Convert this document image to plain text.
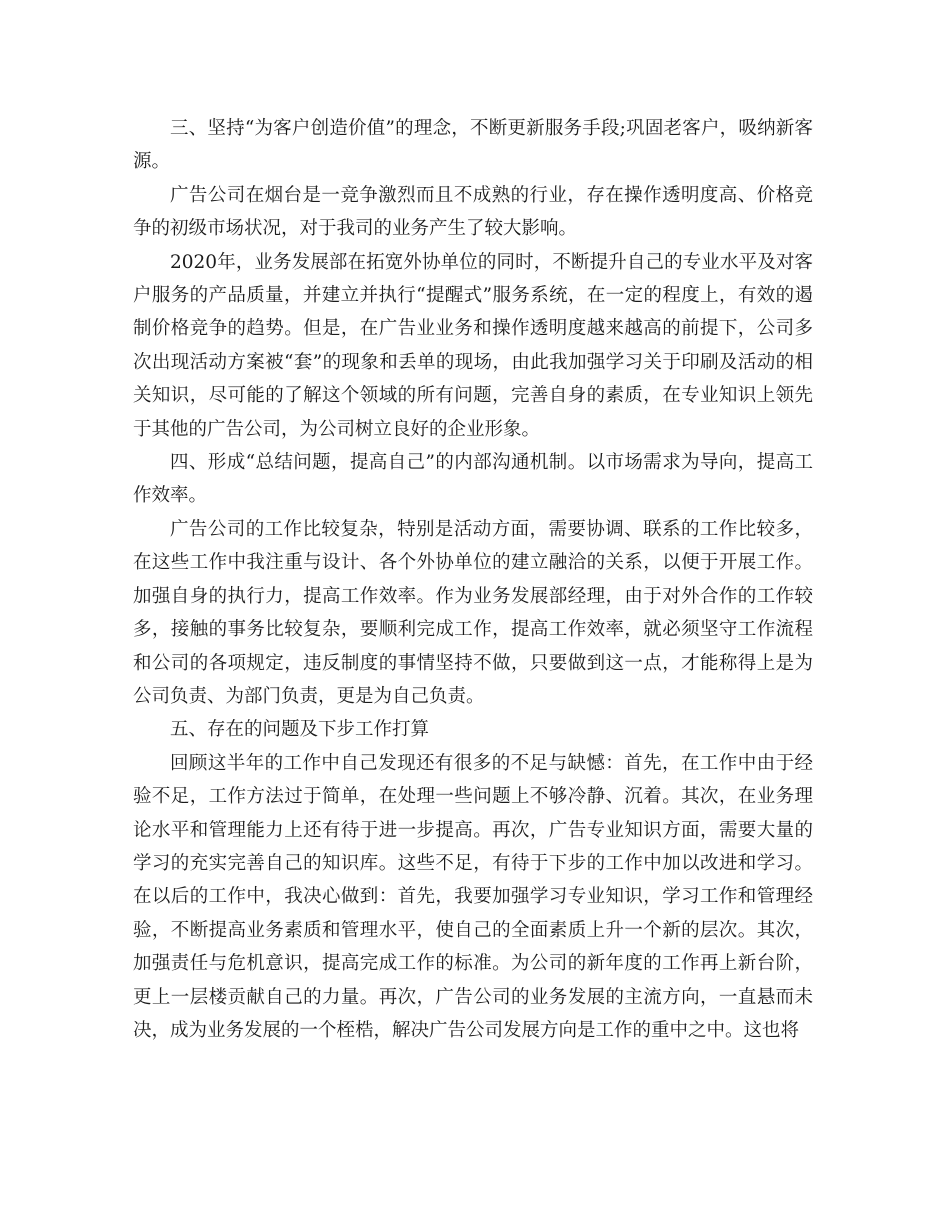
三、坚持“为客户创造价值”的理念，不断更新服务手段;巩固老客户，吸纳新客源。

广告公司在烟台是一竞争激烈而且不成熟的行业，存在操作透明度高、价格竞争的初级市场状况，对于我司的业务产生了较大影响。

2020年，业务发展部在拓宽外协单位的同时，不断提升自己的专业水平及对客户服务的产品质量，并建立并执行“提醒式”服务系统，在一定的程度上，有效的遏制价格竞争的趋势。但是，在广告业业务和操作透明度越来越高的前提下，公司多次出现活动方案被“套”的现象和丢单的现场，由此我加强学习关于印刷及活动的相关知识，尽可能的了解这个领域的所有问题，完善自身的素质，在专业知识上领先于其他的广告公司，为公司树立良好的企业形象。

四、形成“总结问题，提高自己”的内部沟通机制。以市场需求为导向，提高工作效率。

广告公司的工作比较复杂，特别是活动方面，需要协调、联系的工作比较多，在这些工作中我注重与设计、各个外协单位的建立融洽的关系，以便于开展工作。加强自身的执行力，提高工作效率。作为业务发展部经理，由于对外合作的工作较多，接触的事务比较复杂，要顺利完成工作，提高工作效率，就必须坚守工作流程和公司的各项规定，违反制度的事情坚持不做，只要做到这一点，才能称得上是为公司负责、为部门负责，更是为自己负责。

五、存在的问题及下步工作打算

回顾这半年的工作中自己发现还有很多的不足与缺憾：首先，在工作中由于经验不足，工作方法过于简单，在处理一些问题上不够冷静、沉着。其次，在业务理论水平和管理能力上还有待于进一步提高。再次，广告专业知识方面，需要大量的学习的充实完善自己的知识库。这些不足，有待于下步的工作中加以改进和学习。在以后的工作中，我决心做到：首先，我要加强学习专业知识，学习工作和管理经验，不断提高业务素质和管理水平，使自己的全面素质上升一个新的层次。其次，加强责任与危机意识，提高完成工作的标准。为公司的新年度的工作再上新台阶，更上一层楼贡献自己的力量。再次，广告公司的业务发展的主流方向，一直悬而未决，成为业务发展的一个桎梏，解决广告公司发展方向是工作的重中之中。这也将
